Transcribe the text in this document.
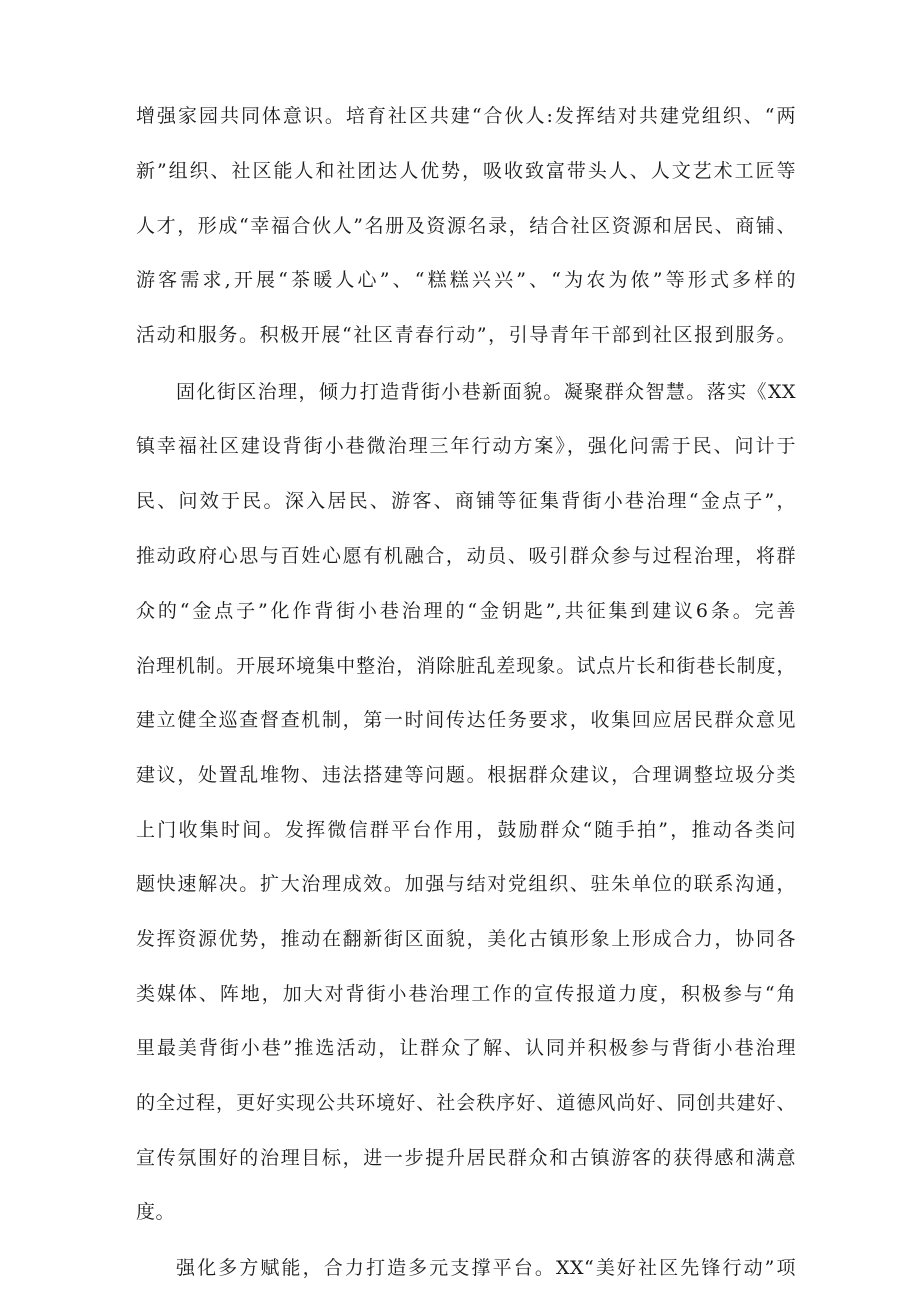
增强家园共同体意识。培育社区共建“合伙人:发挥结对共建党组织、“两
新”组织、社区能人和社团达人优势，吸收致富带头人、人文艺术工匠等
人才，形成“幸福合伙人”名册及资源名录，结合社区资源和居民、商铺、
游客需求,开展“茶暖人心”、“糕糕兴兴”、“为农为侬”等形式多样的
活动和服务。积极开展“社区青春行动”，引导青年干部到社区报到服务。
固化街区治理，倾力打造背街小巷新面貌。凝聚群众智慧。落实《XX
镇幸福社区建设背街小巷微治理三年行动方案》，强化问需于民、问计于
民、问效于民。深入居民、游客、商铺等征集背街小巷治理“金点子”，
推动政府心思与百姓心愿有机融合，动员、吸引群众参与过程治理，将群
众的“金点子”化作背街小巷治理的“金钥匙”,共征集到建议6条。完善
治理机制。开展环境集中整治，消除脏乱差现象。试点片长和街巷长制度，
建立健全巡查督查机制，第一时间传达任务要求，收集回应居民群众意见
建议，处置乱堆物、违法搭建等问题。根据群众建议，合理调整垃圾分类
上门收集时间。发挥微信群平台作用，鼓励群众“随手拍”，推动各类问
题快速解决。扩大治理成效。加强与结对党组织、驻朱单位的联系沟通，
发挥资源优势，推动在翻新街区面貌，美化古镇形象上形成合力，协同各
类媒体、阵地，加大对背街小巷治理工作的宣传报道力度，积极参与“角
里最美背街小巷”推选活动，让群众了解、认同并积极参与背街小巷治理
的全过程，更好实现公共环境好、社会秩序好、道德风尚好、同创共建好、
宣传氛围好的治理目标，进一步提升居民群众和古镇游客的获得感和满意
度。
强化多方赋能，合力打造多元支撑平台。XX“美好社区先锋行动”项
